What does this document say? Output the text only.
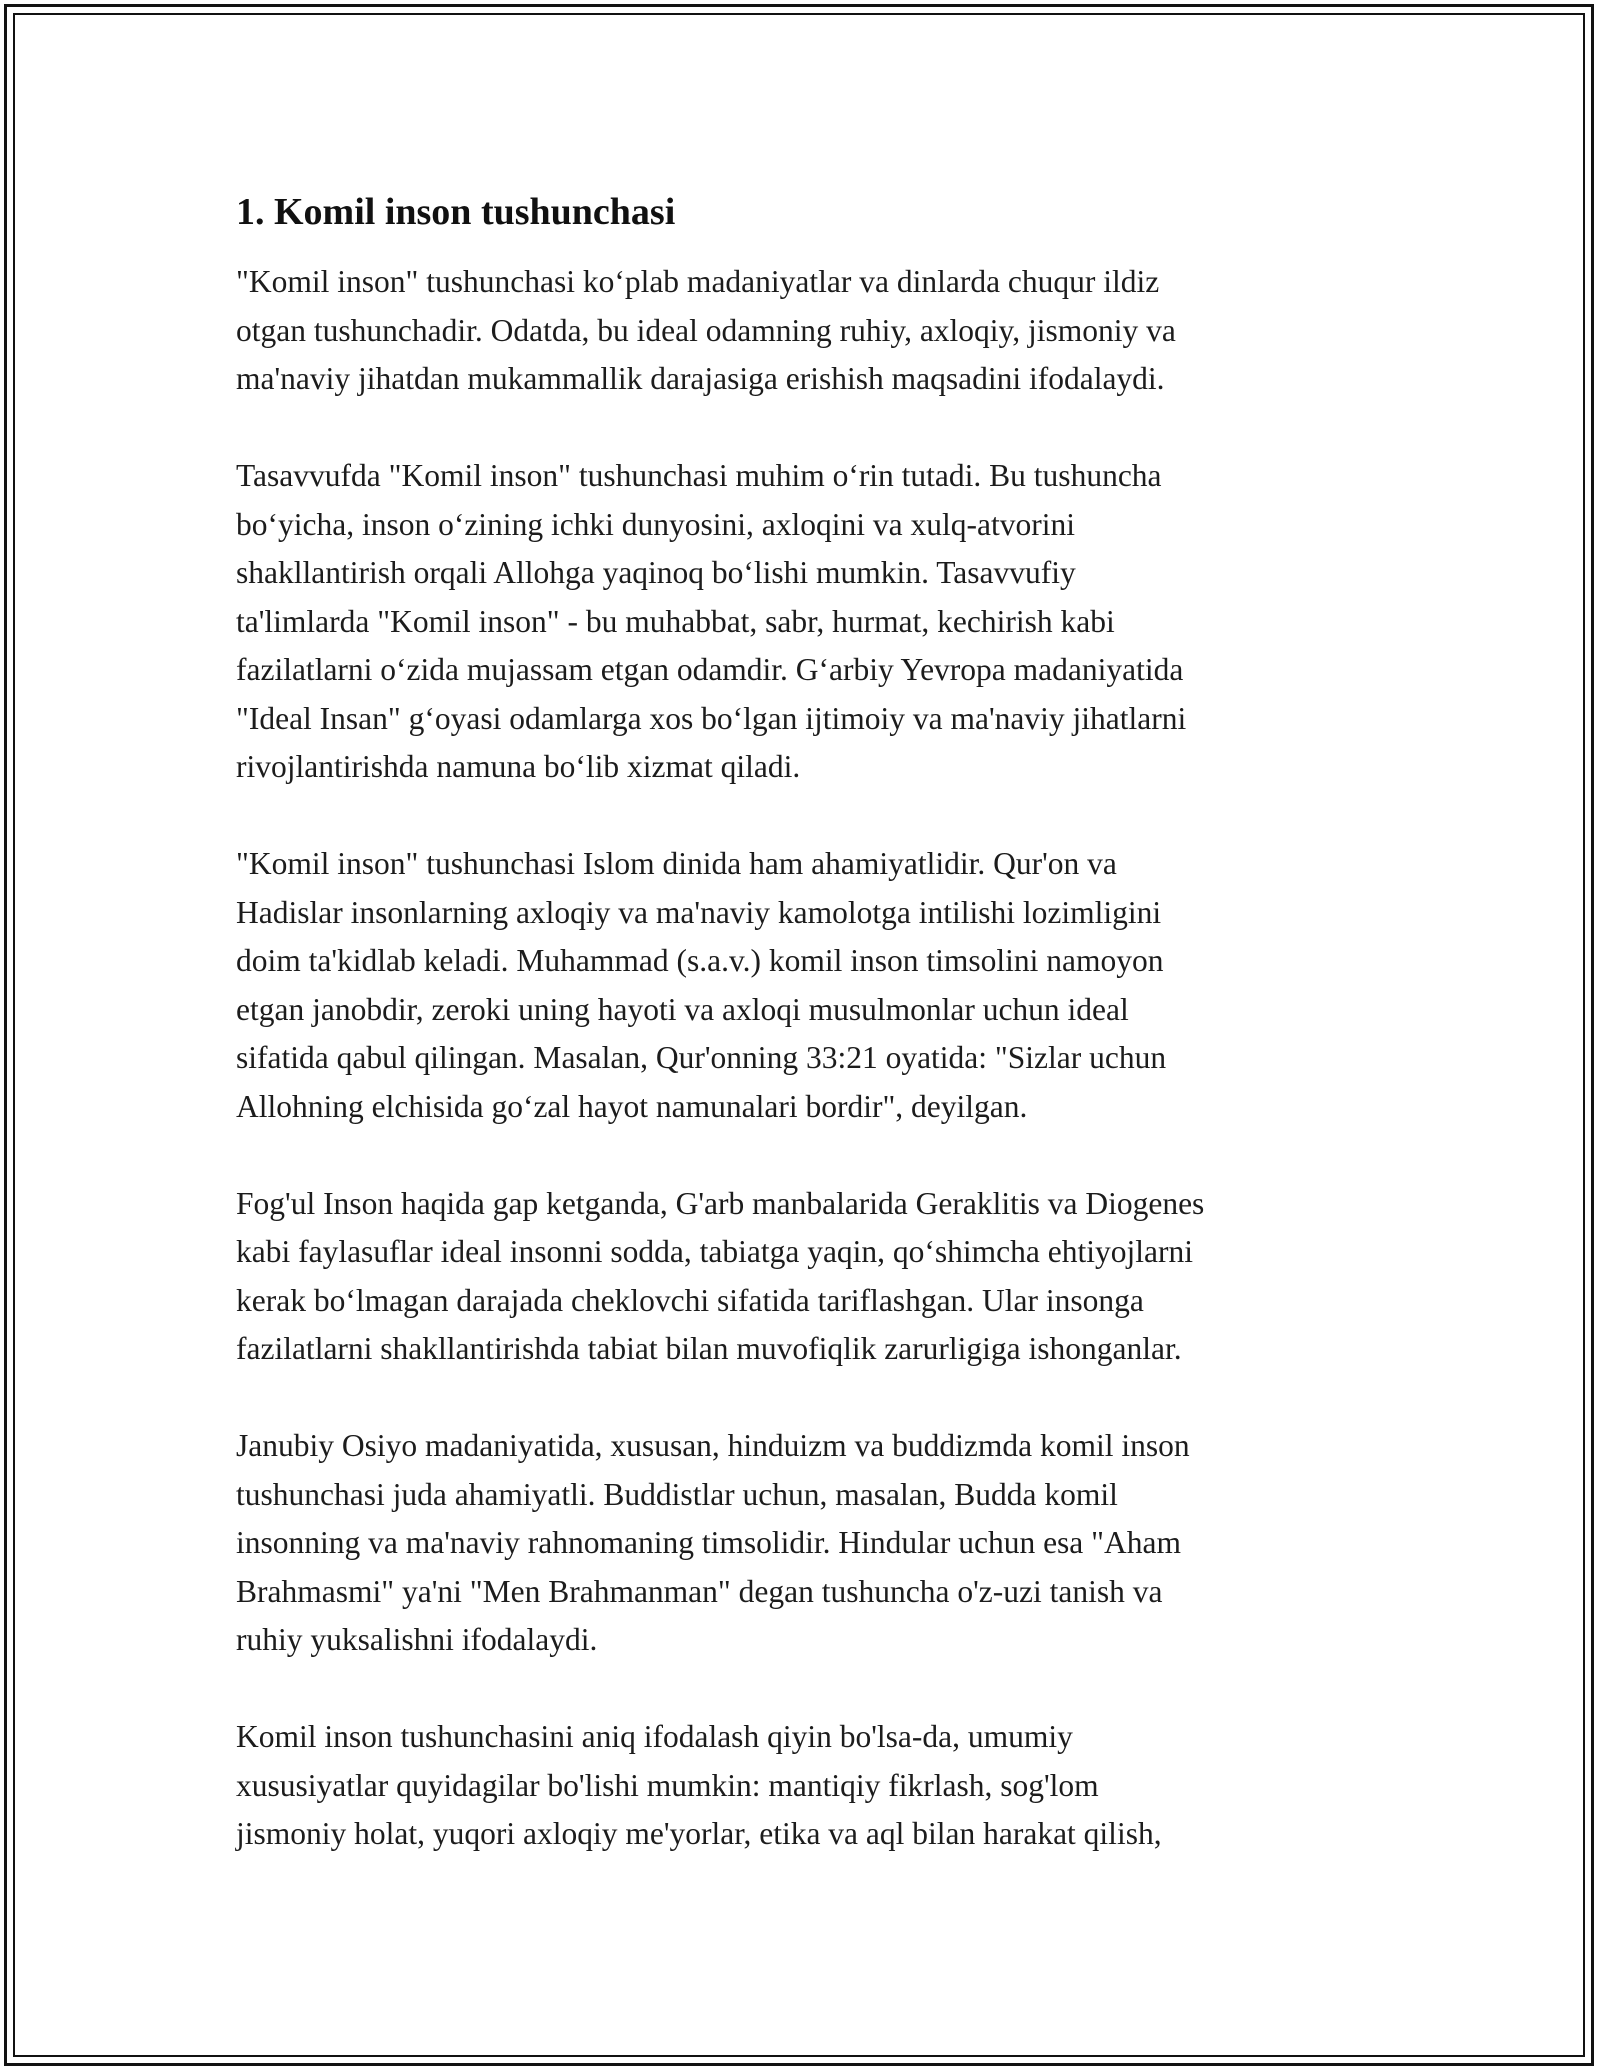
1. Komil inson tushunchasi

"Komil inson" tushunchasi ko‘plab madaniyatlar va dinlarda chuqur ildiz
otgan tushunchadir. Odatda, bu ideal odamning ruhiy, axloqiy, jismoniy va
ma'naviy jihatdan mukammallik darajasiga erishish maqsadini ifodalaydi.

Tasavvufda "Komil inson" tushunchasi muhim o‘rin tutadi. Bu tushuncha
bo‘yicha, inson o‘zining ichki dunyosini, axloqini va xulq-atvorini
shakllantirish orqali Allohga yaqinoq bo‘lishi mumkin. Tasavvufiy
ta'limlarda "Komil inson" - bu muhabbat, sabr, hurmat, kechirish kabi
fazilatlarni o‘zida mujassam etgan odamdir. G‘arbiy Yevropa madaniyatida
"Ideal Insan" g‘oyasi odamlarga xos bo‘lgan ijtimoiy va ma'naviy jihatlarni
rivojlantirishda namuna bo‘lib xizmat qiladi.

"Komil inson" tushunchasi Islom dinida ham ahamiyatlidir. Qur'on va
Hadislar insonlarning axloqiy va ma'naviy kamolotga intilishi lozimligini
doim ta'kidlab keladi. Muhammad (s.a.v.) komil inson timsolini namoyon
etgan janobdir, zeroki uning hayoti va axloqi musulmonlar uchun ideal
sifatida qabul qilingan. Masalan, Qur'onning 33:21 oyatida: "Sizlar uchun
Allohning elchisida go‘zal hayot namunalari bordir", deyilgan.

Fog'ul Inson haqida gap ketganda, G'arb manbalarida Geraklitis va Diogenes
kabi faylasuflar ideal insonni sodda, tabiatga yaqin, qo‘shimcha ehtiyojlarni
kerak bo‘lmagan darajada cheklovchi sifatida tariflashgan. Ular insonga
fazilatlarni shakllantirishda tabiat bilan muvofiqlik zarurligiga ishonganlar.

Janubiy Osiyo madaniyatida, xususan, hinduizm va buddizmda komil inson
tushunchasi juda ahamiyatli. Buddistlar uchun, masalan, Budda komil
insonning va ma'naviy rahnomaning timsolidir. Hindular uchun esa "Aham
Brahmasmi" ya'ni "Men Brahmanman" degan tushuncha o'z-uzi tanish va
ruhiy yuksalishni ifodalaydi.

Komil inson tushunchasini aniq ifodalash qiyin bo'lsa-da, umumiy
xususiyatlar quyidagilar bo'lishi mumkin: mantiqiy fikrlash, sog'lom
jismoniy holat, yuqori axloqiy me'yorlar, etika va aql bilan harakat qilish,
